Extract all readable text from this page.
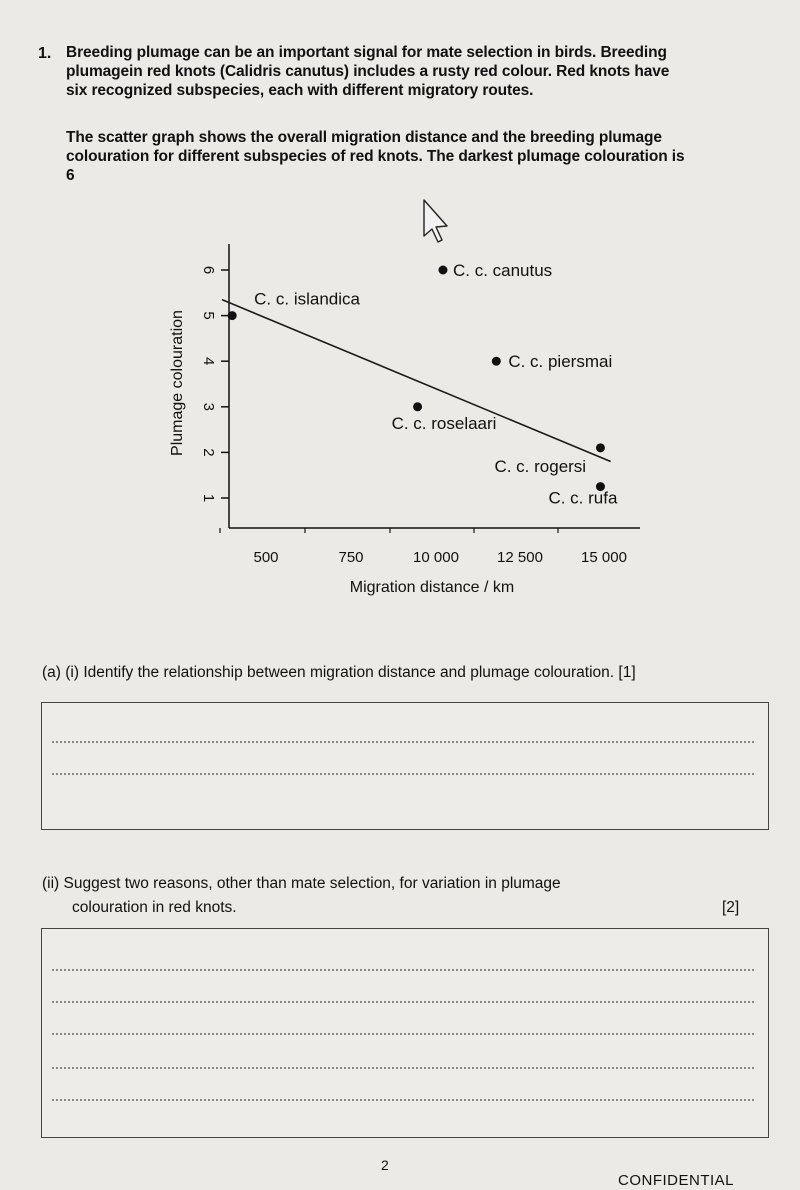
1. Breeding plumage can be an important signal for mate selection in birds. Breeding
plumagein red knots (Calidris canutus) includes a rusty red colour. Red knots have
six recognized subspecies, each with different migratory routes.
The scatter graph shows the overall migration distance and the breeding plumage
colouration for different subspecies of red knots. The darkest plumage colouration is
6
1
2
3
4
5
6
500	750	10 000	12 500	15 000
C. c. canutus
C. c. islandica
C. c. piersmai
C. c. roselaari
C. c. rogersi
C. c. rufa
Migration distance / km
Plumage colouration
(a) (i) Identify the relationship between migration distance and plumage colouration. [1]
(ii) Suggest two reasons, other than mate selection, for variation in plumage
colouration in red knots.	[2]
2
CONFIDENTIAL
